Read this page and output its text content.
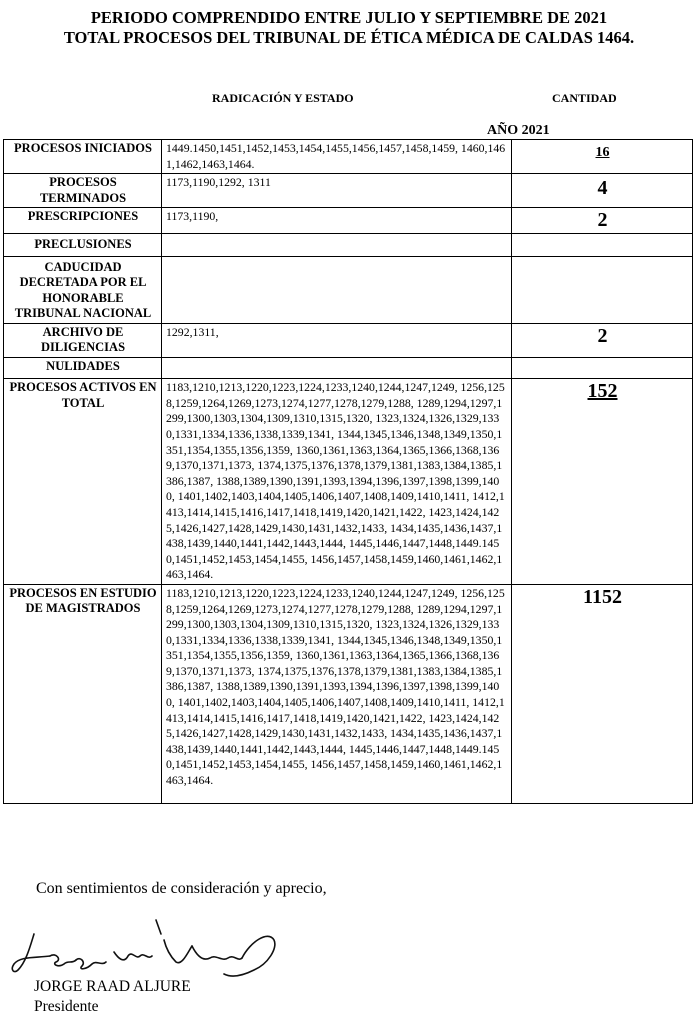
PERIODO COMPRENDIDO ENTRE JULIO Y SEPTIEMBRE DE 2021
TOTAL PROCESOS DEL TRIBUNAL DE ÉTICA MÉDICA DE CALDAS 1464.
RADICACIÓN Y ESTADO	CANTIDAD
AÑO 2021
PROCESOS INICIADOS	1449.1450,1451,1452,1453,1454,1455,1456,1457,1458,1459, 1460,1461,1462,1463,1464.	16
PROCESOS TERMINADOS	1173,1190,1292, 1311	4
PRESCRIPCIONES	1173,1190,	2
PRECLUSIONES		
CADUCIDAD DECRETADA POR EL HONORABLE TRIBUNAL NACIONAL		
ARCHIVO DE DILIGENCIAS	1292,1311,	2
NULIDADES		
PROCESOS ACTIVOS EN TOTAL	1183,1210,1213,1220,1223,1224,1233,1240,1244,1247,1249, 1256,1258,1259,1264,1269,1273,1274,1277,1278,1279,1288, 1289,1294,1297,1299,1300,1303,1304,1309,1310,1315,1320, 1323,1324,1326,1329,1330,1331,1334,1336,1338,1339,1341, 1344,1345,1346,1348,1349,1350,1351,1354,1355,1356,1359, 1360,1361,1363,1364,1365,1366,1368,1369,1370,1371,1373, 1374,1375,1376,1378,1379,1381,1383,1384,1385,1386,1387, 1388,1389,1390,1391,1393,1394,1396,1397,1398,1399,1400, 1401,1402,1403,1404,1405,1406,1407,1408,1409,1410,1411, 1412,1413,1414,1415,1416,1417,1418,1419,1420,1421,1422, 1423,1424,1425,1426,1427,1428,1429,1430,1431,1432,1433, 1434,1435,1436,1437,1438,1439,1440,1441,1442,1443,1444, 1445,1446,1447,1448,1449.1450,1451,1452,1453,1454,1455, 1456,1457,1458,1459,1460,1461,1462,1463,1464.	152
PROCESOS EN ESTUDIO DE MAGISTRADOS	1183,1210,1213,1220,1223,1224,1233,1240,1244,1247,1249, 1256,1258,1259,1264,1269,1273,1274,1277,1278,1279,1288, 1289,1294,1297,1299,1300,1303,1304,1309,1310,1315,1320, 1323,1324,1326,1329,1330,1331,1334,1336,1338,1339,1341, 1344,1345,1346,1348,1349,1350,1351,1354,1355,1356,1359, 1360,1361,1363,1364,1365,1366,1368,1369,1370,1371,1373, 1374,1375,1376,1378,1379,1381,1383,1384,1385,1386,1387, 1388,1389,1390,1391,1393,1394,1396,1397,1398,1399,1400, 1401,1402,1403,1404,1405,1406,1407,1408,1409,1410,1411, 1412,1413,1414,1415,1416,1417,1418,1419,1420,1421,1422, 1423,1424,1425,1426,1427,1428,1429,1430,1431,1432,1433, 1434,1435,1436,1437,1438,1439,1440,1441,1442,1443,1444, 1445,1446,1447,1448,1449.1450,1451,1452,1453,1454,1455, 1456,1457,1458,1459,1460,1461,1462,1463,1464.	1152
Con sentimientos de consideración y aprecio,
JORGE RAAD ALJURE
Presidente
